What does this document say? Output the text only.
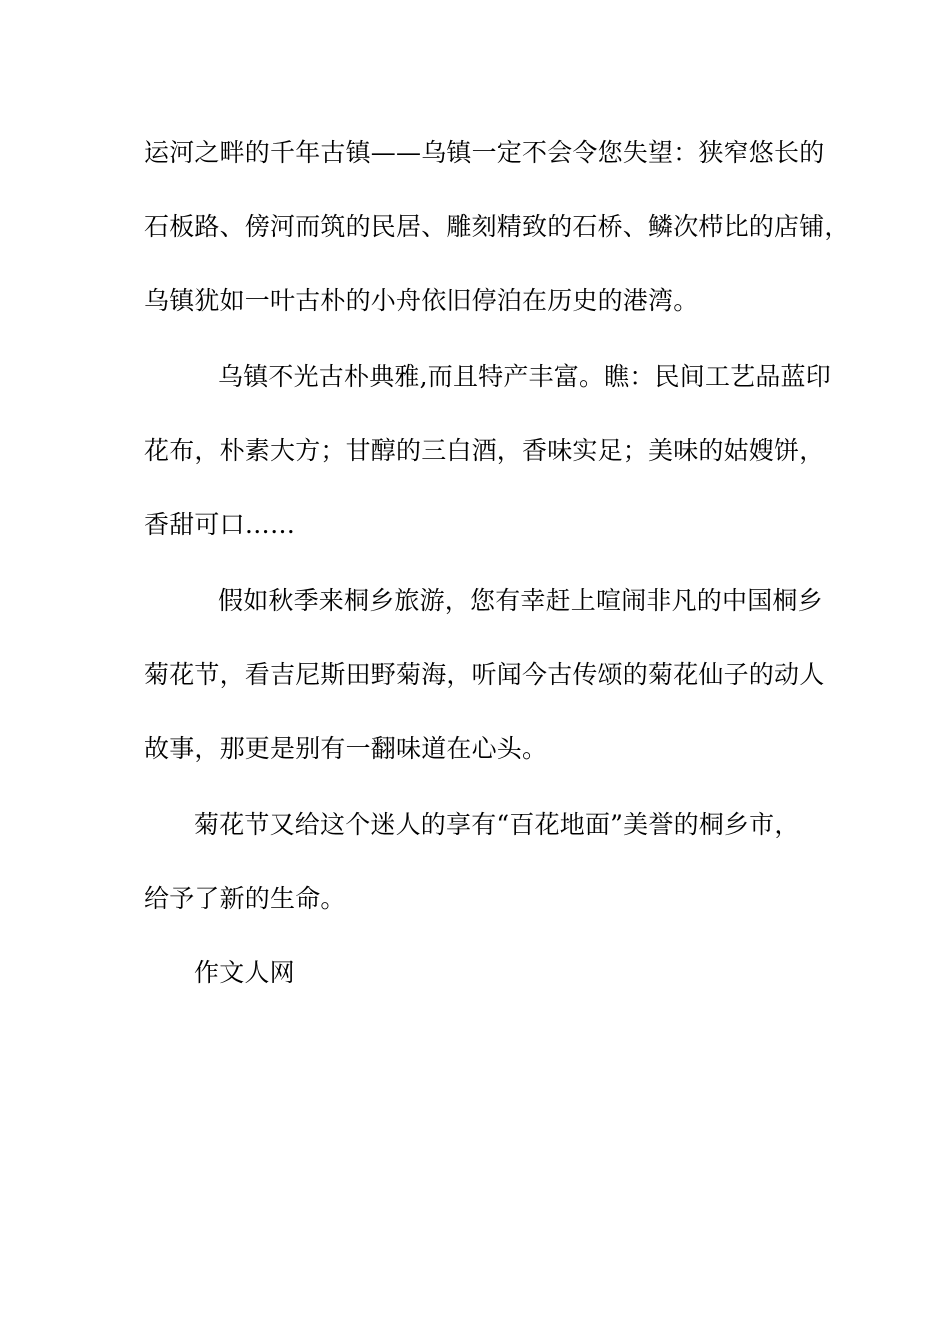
运河之畔的千年古镇——乌镇一定不会令您失望：狭窄悠长的
石板路、傍河而筑的民居、雕刻精致的石桥、鳞次栉比的店铺，
乌镇犹如一叶古朴的小舟依旧停泊在历史的港湾。
乌镇不光古朴典雅,而且特产丰富。瞧：民间工艺品蓝印
花布，朴素大方；甘醇的三白酒，香味实足；美味的姑嫂饼，
香甜可口……
假如秋季来桐乡旅游，您有幸赶上喧闹非凡的中国桐乡
菊花节，看吉尼斯田野菊海，听闻今古传颂的菊花仙子的动人
故事，那更是别有一翻味道在心头。
菊花节又给这个迷人的享有“百花地面”美誉的桐乡市，
给予了新的生命。
作文人网
